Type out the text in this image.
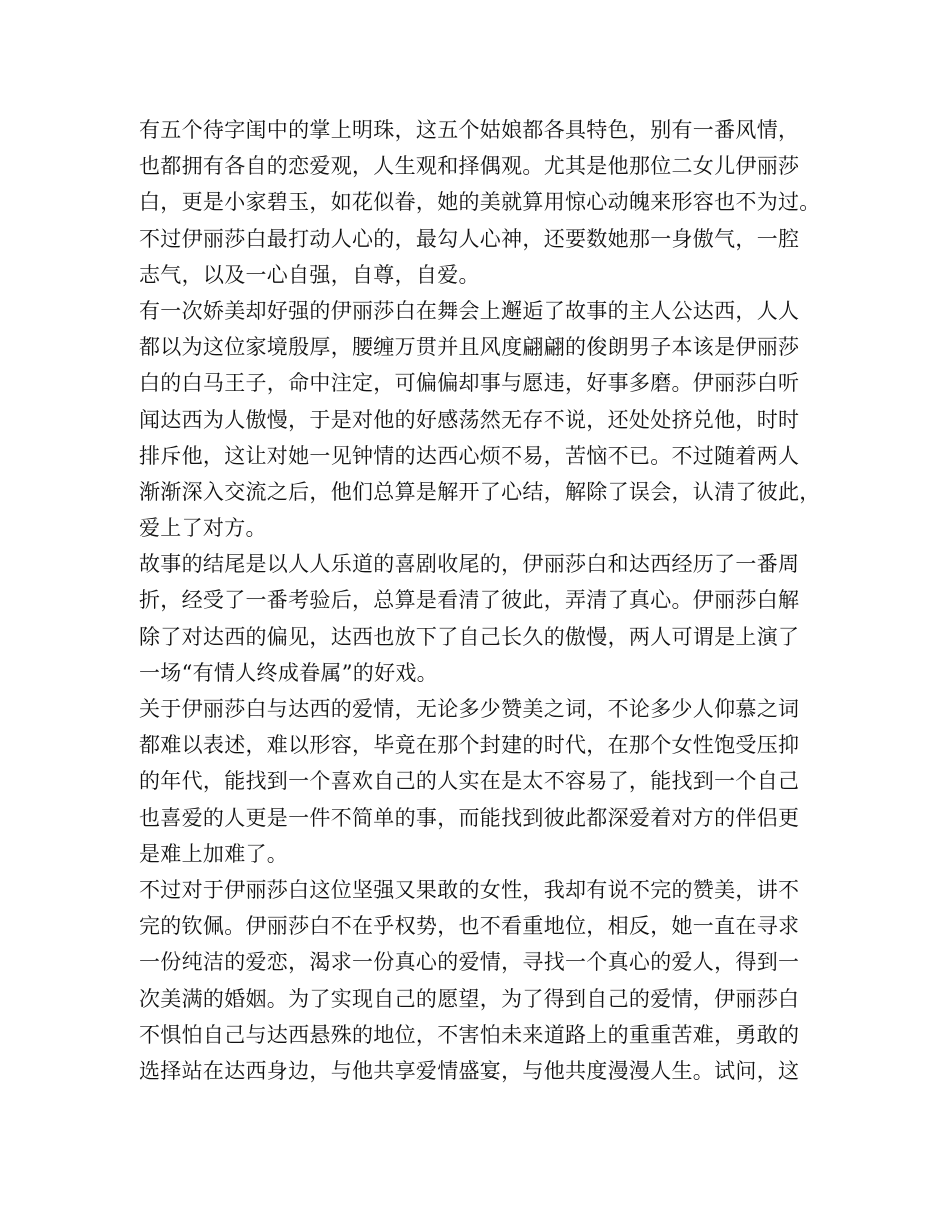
有五个待字闺中的掌上明珠，这五个姑娘都各具特色，别有一番风情，
也都拥有各自的恋爱观，人生观和择偶观。尤其是他那位二女儿伊丽莎
白，更是小家碧玉，如花似眷，她的美就算用惊心动魄来形容也不为过。
不过伊丽莎白最打动人心的，最勾人心神，还要数她那一身傲气，一腔
志气，以及一心自强，自尊，自爱。
有一次娇美却好强的伊丽莎白在舞会上邂逅了故事的主人公达西，人人
都以为这位家境殷厚，腰缠万贯并且风度翩翩的俊朗男子本该是伊丽莎
白的白马王子，命中注定，可偏偏却事与愿违，好事多磨。伊丽莎白听
闻达西为人傲慢，于是对他的好感荡然无存不说，还处处挤兑他，时时
排斥他，这让对她一见钟情的达西心烦不易，苦恼不已。不过随着两人
渐渐深入交流之后，他们总算是解开了心结，解除了误会，认清了彼此，
爱上了对方。
故事的结尾是以人人乐道的喜剧收尾的，伊丽莎白和达西经历了一番周
折，经受了一番考验后，总算是看清了彼此，弄清了真心。伊丽莎白解
除了对达西的偏见，达西也放下了自己长久的傲慢，两人可谓是上演了
一场“有情人终成眷属”的好戏。
关于伊丽莎白与达西的爱情，无论多少赞美之词，不论多少人仰慕之词
都难以表述，难以形容，毕竟在那个封建的时代，在那个女性饱受压抑
的年代，能找到一个喜欢自己的人实在是太不容易了，能找到一个自己
也喜爱的人更是一件不简单的事，而能找到彼此都深爱着对方的伴侣更
是难上加难了。
不过对于伊丽莎白这位坚强又果敢的女性，我却有说不完的赞美，讲不
完的钦佩。伊丽莎白不在乎权势，也不看重地位，相反，她一直在寻求
一份纯洁的爱恋，渴求一份真心的爱情，寻找一个真心的爱人，得到一
次美满的婚姻。为了实现自己的愿望，为了得到自己的爱情，伊丽莎白
不惧怕自己与达西悬殊的地位，不害怕未来道路上的重重苦难，勇敢的
选择站在达西身边，与他共享爱情盛宴，与他共度漫漫人生。试问，这
